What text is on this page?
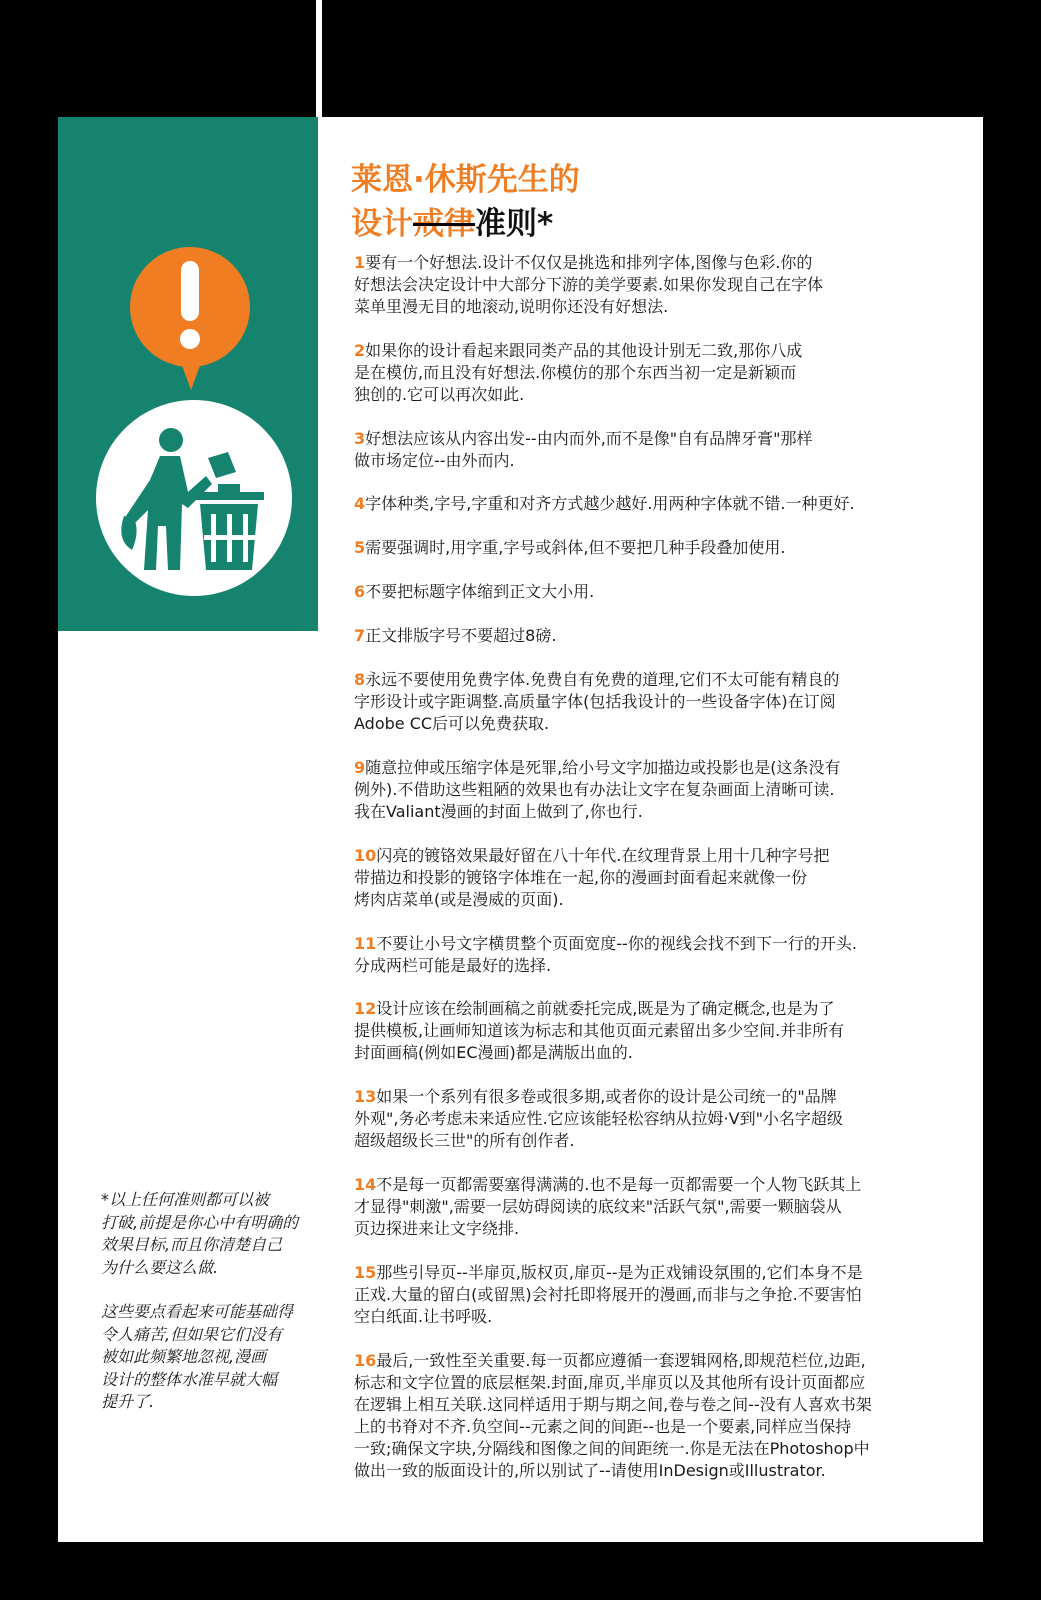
莱恩·休斯先生的
设计戒律准则*

1要有一个好想法.设计不仅仅是挑选和排列字体,图像与色彩.你的
好想法会决定设计中大部分下游的美学要素.如果你发现自己在字体
菜单里漫无目的地滚动,说明你还没有好想法.

2如果你的设计看起来跟同类产品的其他设计别无二致,那你八成
是在模仿,而且没有好想法.你模仿的那个东西当初一定是新颖而
独创的.它可以再次如此.

3好想法应该从内容出发--由内而外,而不是像"自有品牌牙膏"那样
做市场定位--由外而内.

4字体种类,字号,字重和对齐方式越少越好.用两种字体就不错.一种更好.

5需要强调时,用字重,字号或斜体,但不要把几种手段叠加使用.

6不要把标题字体缩到正文大小用.

7正文排版字号不要超过8磅.

8永远不要使用免费字体.免费自有免费的道理,它们不太可能有精良的
字形设计或字距调整.高质量字体(包括我设计的一些设备字体)在订阅
Adobe CC后可以免费获取.

9随意拉伸或压缩字体是死罪,给小号文字加描边或投影也是(这条没有
例外).不借助这些粗陋的效果也有办法让文字在复杂画面上清晰可读.
我在Valiant漫画的封面上做到了,你也行.

10闪亮的镀铬效果最好留在八十年代.在纹理背景上用十几种字号把
带描边和投影的镀铬字体堆在一起,你的漫画封面看起来就像一份
烤肉店菜单(或是漫威的页面).

11不要让小号文字横贯整个页面宽度--你的视线会找不到下一行的开头.
分成两栏可能是最好的选择.

12设计应该在绘制画稿之前就委托完成,既是为了确定概念,也是为了
提供模板,让画师知道该为标志和其他页面元素留出多少空间.并非所有
封面画稿(例如EC漫画)都是满版出血的.

13如果一个系列有很多卷或很多期,或者你的设计是公司统一的"品牌
外观",务必考虑未来适应性.它应该能轻松容纳从拉姆·V到"小名字超级
超级超级长三世"的所有创作者.

14不是每一页都需要塞得满满的.也不是每一页都需要一个人物飞跃其上
才显得"刺激",需要一层妨碍阅读的底纹来"活跃气氛",需要一颗脑袋从
页边探进来让文字绕排.

15那些引导页--半扉页,版权页,扉页--是为正戏铺设氛围的,它们本身不是
正戏.大量的留白(或留黑)会衬托即将展开的漫画,而非与之争抢.不要害怕
空白纸面.让书呼吸.

16最后,一致性至关重要.每一页都应遵循一套逻辑网格,即规范栏位,边距,
标志和文字位置的底层框架.封面,扉页,半扉页以及其他所有设计页面都应
在逻辑上相互关联.这同样适用于期与期之间,卷与卷之间--没有人喜欢书架
上的书脊对不齐.负空间--元素之间的间距--也是一个要素,同样应当保持
一致;确保文字块,分隔线和图像之间的间距统一.你是无法在Photoshop中
做出一致的版面设计的,所以别试了--请使用InDesign或Illustrator.

*以上任何准则都可以被
打破,前提是你心中有明确的
效果目标,而且你清楚自己
为什么要这么做.

这些要点看起来可能基础得
令人痛苦,但如果它们没有
被如此频繁地忽视,漫画
设计的整体水准早就大幅
提升了.
